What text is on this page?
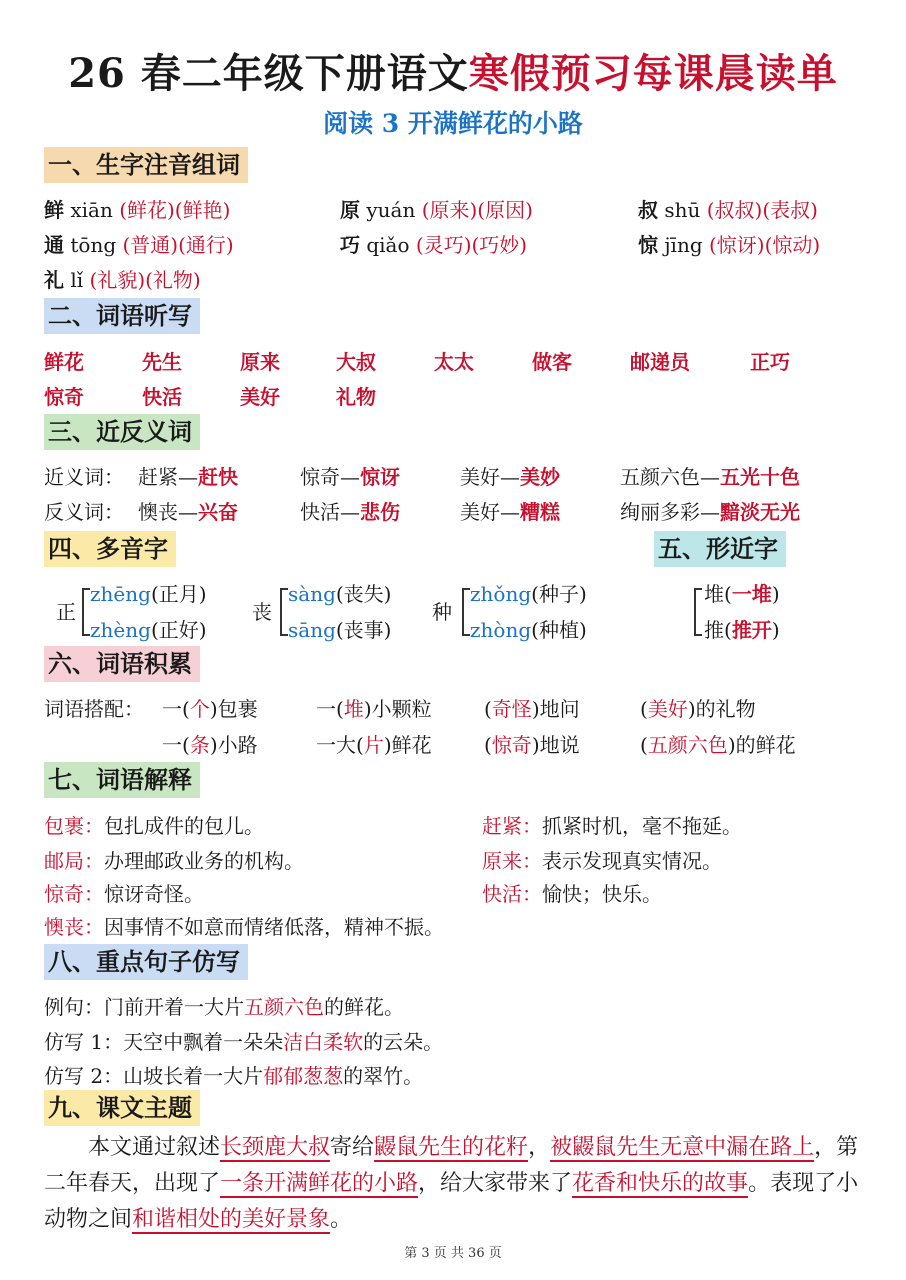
26 春二年级下册语文寒假预习每课晨读单
阅读 3 开满鲜花的小路
一、生字注音组词
鲜 xiān (鲜花)(鲜艳)	原 yuán (原来)(原因)	叔 shū (叔叔)(表叔)
通 tōng (普通)(通行)	巧 qiǎo (灵巧)(巧妙)	惊 jīng (惊讶)(惊动)
礼 lǐ (礼貌)(礼物)
二、词语听写
鲜花	先生	原来	大叔	太太	做客	邮递员	正巧
惊奇	快活	美好	礼物
三、近反义词
近义词： 赶紧—赶快	惊奇—惊讶	美好—美妙	五颜六色—五光十色
反义词： 懊丧—兴奋	快活—悲伤	美好—糟糕	绚丽多彩—黯淡无光
四、多音字	五、形近字
正
zhēng(正月)
zhèng(正好)
丧
sàng(丧失)
sāng(丧事)
种
zhǒng(种子)
zhòng(种植)
堆(一堆)
推(推开)
六、词语积累
词语搭配： 一(个)包裹	一(堆)小颗粒	(奇怪)地问	(美好)的礼物
一(条)小路	一大(片)鲜花	(惊奇)地说	(五颜六色)的鲜花
七、词语解释
包裹：包扎成件的包儿。	赶紧：抓紧时机，毫不拖延。
邮局：办理邮政业务的机构。	原来：表示发现真实情况。
惊奇：惊讶奇怪。	快活：愉快；快乐。
懊丧：因事情不如意而情绪低落，精神不振。
八、重点句子仿写
例句：门前开着一大片五颜六色的鲜花。
仿写 1：天空中飘着一朵朵洁白柔软的云朵。
仿写 2：山坡长着一大片郁郁葱葱的翠竹。
九、课文主题
本文通过叙述长颈鹿大叔寄给鼹鼠先生的花籽，被鼹鼠先生无意中漏在路上，第二年春天，出现了一条开满鲜花的小路，给大家带来了花香和快乐的故事。表现了小动物之间和谐相处的美好景象。
第 3 页 共 36 页
